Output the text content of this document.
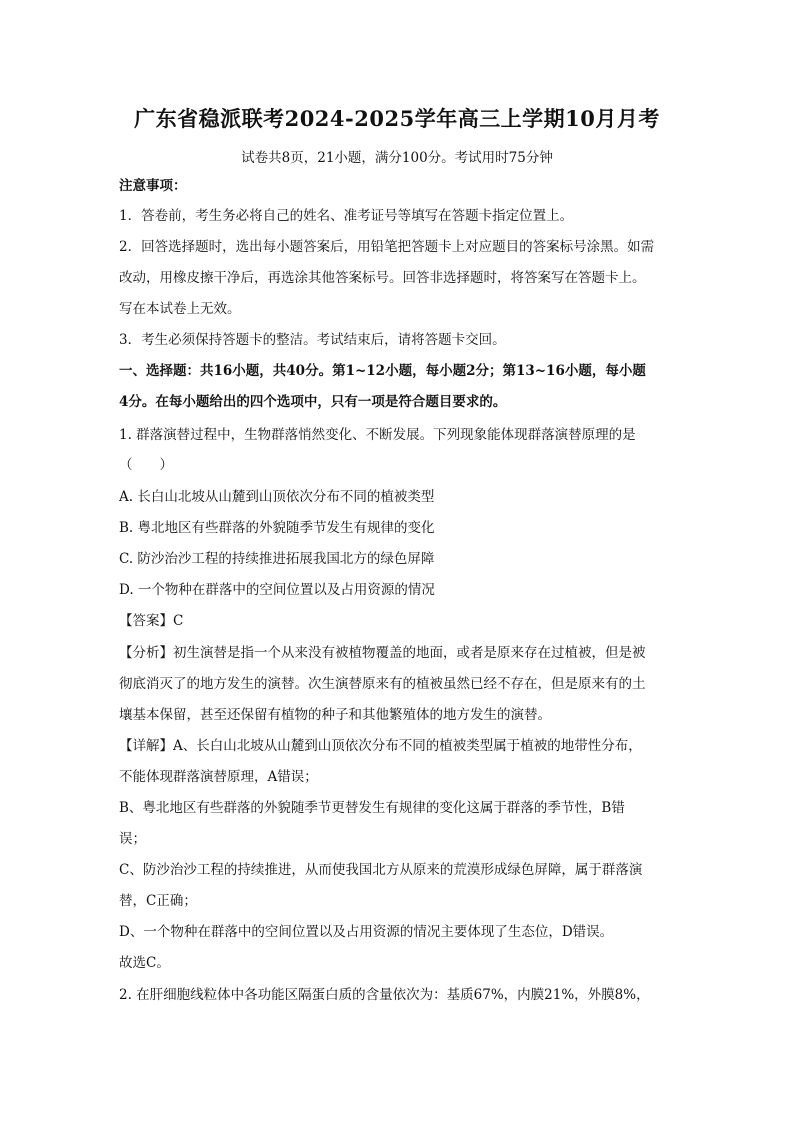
广东省稳派联考2024-2025学年高三上学期10月月考
试卷共8页，21小题，满分100分。考试用时75分钟
注意事项：
1．答卷前，考生务必将自己的姓名、准考证号等填写在答题卡指定位置上。
2．回答选择题时，选出每小题答案后，用铅笔把答题卡上对应题目的答案标号涂黑。如需
改动，用橡皮擦干净后，再选涂其他答案标号。回答非选择题时，将答案写在答题卡上。
写在本试卷上无效。
3．考生必须保持答题卡的整洁。考试结束后，请将答题卡交回。
一、选择题：共16小题，共40分。第1~12小题，每小题2分；第13~16小题，每小题
4分。在每小题给出的四个选项中，只有一项是符合题目要求的。
1. 群落演替过程中，生物群落悄然变化、不断发展。下列现象能体现群落演替原理的是
（　　）
A. 长白山北坡从山麓到山顶依次分布不同的植被类型
B. 粤北地区有些群落的外貌随季节发生有规律的变化
C. 防沙治沙工程的持续推进拓展我国北方的绿色屏障
D. 一个物种在群落中的空间位置以及占用资源的情况
【答案】C
【分析】初生演替是指一个从来没有被植物覆盖的地面，或者是原来存在过植被，但是被
彻底消灭了的地方发生的演替。次生演替原来有的植被虽然已经不存在，但是原来有的土
壤基本保留，甚至还保留有植物的种子和其他繁殖体的地方发生的演替。
【详解】A、长白山北坡从山麓到山顶依次分布不同的植被类型属于植被的地带性分布，
不能体现群落演替原理，A错误；
B、粤北地区有些群落的外貌随季节更替发生有规律的变化这属于群落的季节性，B错
误；
C、防沙治沙工程的持续推进，从而使我国北方从原来的荒漠形成绿色屏障，属于群落演
替，C正确；
D、一个物种在群落中的空间位置以及占用资源的情况主要体现了生态位，D错误。
故选C。
2. 在肝细胞线粒体中各功能区隔蛋白质的含量依次为：基质67%，内膜21%，外膜8%，
